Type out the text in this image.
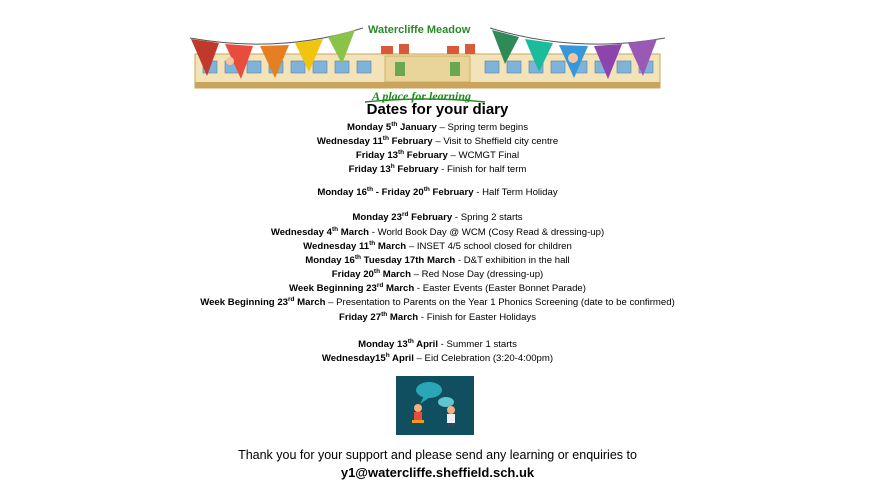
Watercliffe Meadow
A place for learning
Dates for your diary
Monday 5th January – Spring term begins
Wednesday 11th February – Visit to Sheffield city centre
Friday 13th February – WCMGT Final
Friday 13$^h$ February - Finish for half term
Monday 16th - Friday 20th February - Half Term Holiday
Monday 23rd February - Spring 2 starts
Wednesday 4th March - World Book Day @ WCM (Cosy Read & dressing-up)
Wednesday 11th March – INSET 4/5 school closed for children
Monday 16th Tuesday 17th March - D&T exhibition in the hall
Friday 20th March – Red Nose Day (dressing-up)
Week Beginning 23rd March - Easter Events (Easter Bonnet Parade)
Week Beginning 23rd March – Presentation to Parents on the Year 1 Phonics Screening (date to be confirmed)
Friday 27th March - Finish for Easter Holidays
Monday 13th April - Summer 1 starts
Wednesday15$^h$ April – Eid Celebration (3:20-4:00pm)
Thank you for your support and please send any learning or enquiries to
y1@watercliffe.sheffield.sch.uk
